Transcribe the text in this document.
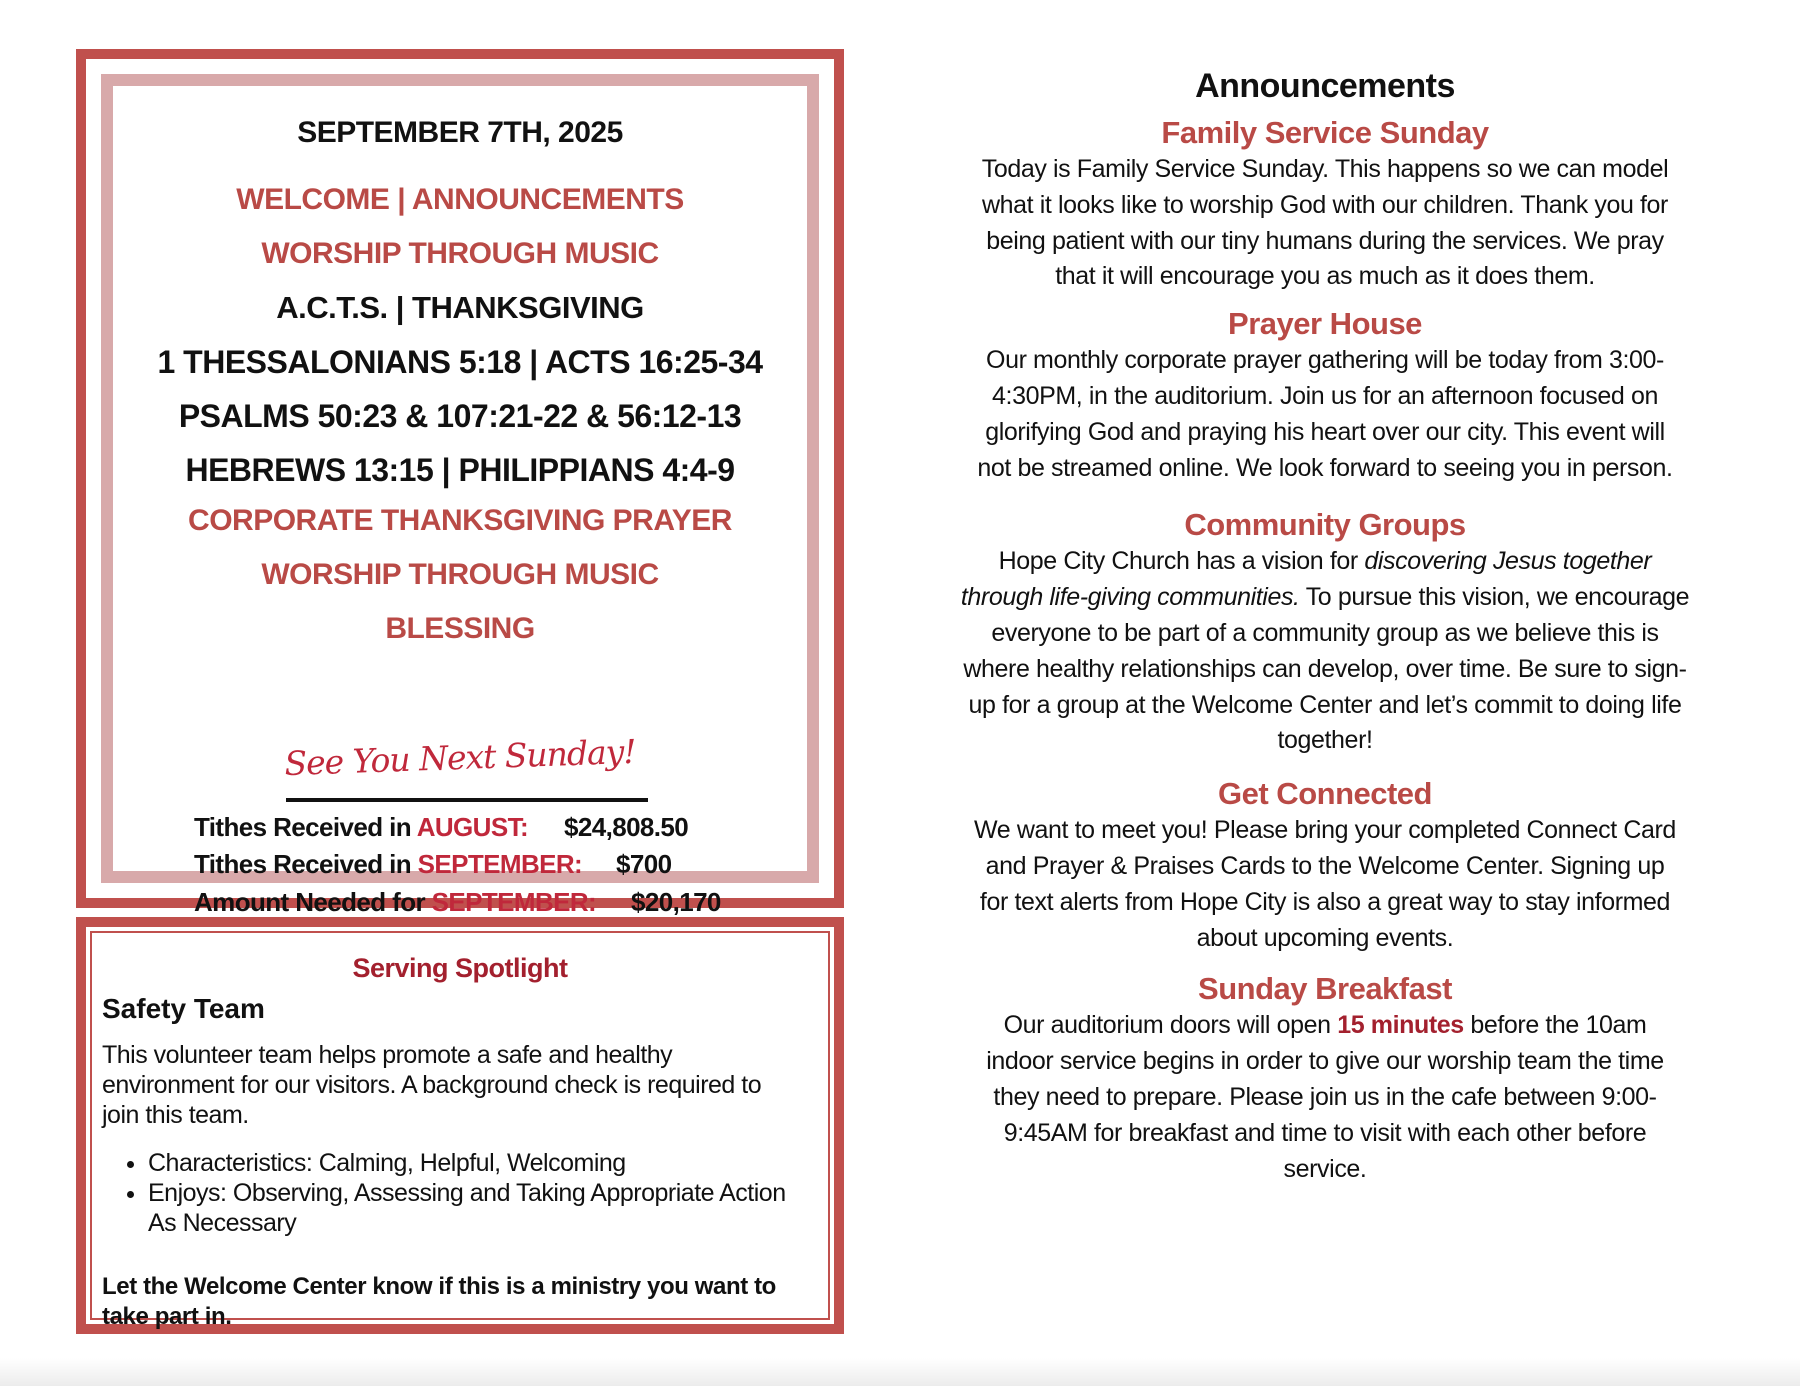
SEPTEMBER 7TH, 2025
WELCOME | ANNOUNCEMENTS
WORSHIP THROUGH MUSIC
A.C.T.S. | THANKSGIVING
1 THESSALONIANS 5:18 | ACTS 16:25-34
PSALMS 50:23 & 107:21-22 & 56:12-13
HEBREWS 13:15 | PHILIPPIANS 4:4-9
CORPORATE THANKSGIVING PRAYER
WORSHIP THROUGH MUSIC
BLESSING
See You Next Sunday!
Tithes Received in AUGUST: $24,808.50
Tithes Received in SEPTEMBER: $700
Amount Needed for SEPTEMBER: $20,170
Serving Spotlight
Safety Team
This volunteer team helps promote a safe and healthy environment for our visitors. A background check is required to join this team.
• Characteristics: Calming, Helpful, Welcoming
• Enjoys: Observing, Assessing and Taking Appropriate Action As Necessary
Let the Welcome Center know if this is a ministry you want to take part in.
Announcements
Family Service Sunday
Today is Family Service Sunday. This happens so we can model what it looks like to worship God with our children. Thank you for being patient with our tiny humans during the services. We pray that it will encourage you as much as it does them.
Prayer House
Our monthly corporate prayer gathering will be today from 3:00-4:30PM, in the auditorium. Join us for an afternoon focused on glorifying God and praying his heart over our city. This event will not be streamed online. We look forward to seeing you in person.
Community Groups
Hope City Church has a vision for discovering Jesus together through life-giving communities. To pursue this vision, we encourage everyone to be part of a community group as we believe this is where healthy relationships can develop, over time. Be sure to sign-up for a group at the Welcome Center and let’s commit to doing life together!
Get Connected
We want to meet you! Please bring your completed Connect Card and Prayer & Praises Cards to the Welcome Center. Signing up for text alerts from Hope City is also a great way to stay informed about upcoming events.
Sunday Breakfast
Our auditorium doors will open 15 minutes before the 10am indoor service begins in order to give our worship team the time they need to prepare. Please join us in the cafe between 9:00-9:45AM for breakfast and time to visit with each other before service.
